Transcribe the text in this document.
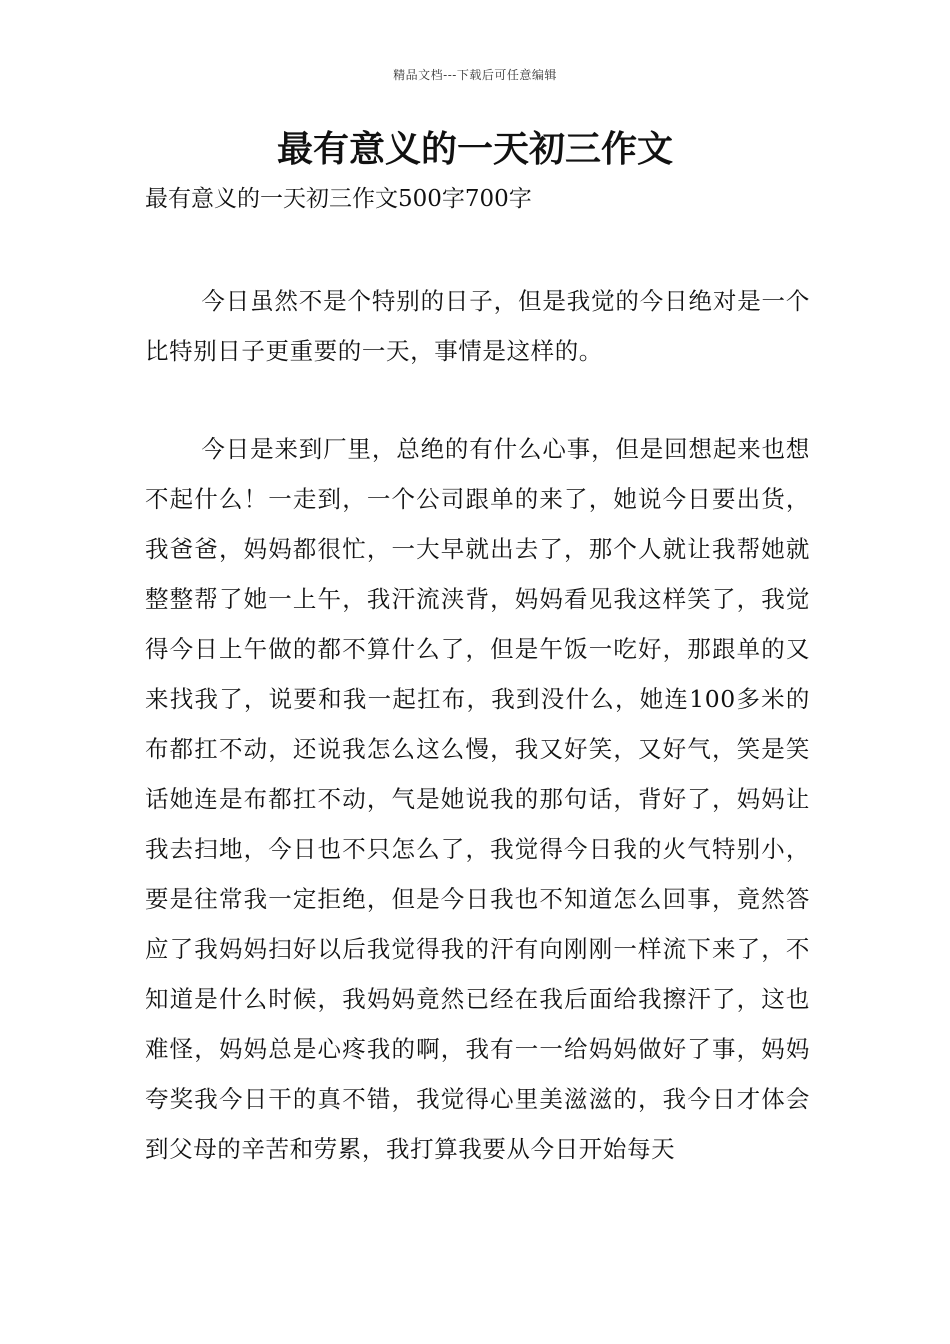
精品文档---下载后可任意编辑
最有意义的一天初三作文

最有意义的一天初三作文500字700字

今日虽然不是个特别的日子，但是我觉的今日绝对是一个比特别日子更重要的一天，事情是这样的。

今日是来到厂里，总绝的有什么心事，但是回想起来也想不起什么！一走到，一个公司跟单的来了，她说今日要出货，我爸爸，妈妈都很忙，一大早就出去了，那个人就让我帮她就整整帮了她一上午，我汗流浃背，妈妈看见我这样笑了，我觉得今日上午做的都不算什么了，但是午饭一吃好，那跟单的又来找我了，说要和我一起扛布，我到没什么，她连100多米的布都扛不动，还说我怎么这么慢，我又好笑，又好气，笑是笑话她连是布都扛不动，气是她说我的那句话，背好了，妈妈让我去扫地，今日也不只怎么了，我觉得今日我的火气特别小，要是往常我一定拒绝，但是今日我也不知道怎么回事，竟然答应了我妈妈扫好以后我觉得我的汗有向刚刚一样流下来了，不知道是什么时候，我妈妈竟然已经在我后面给我擦汗了，这也难怪，妈妈总是心疼我的啊，我有一一给妈妈做好了事，妈妈夸奖我今日干的真不错，我觉得心里美滋滋的，我今日才体会到父母的辛苦和劳累，我打算我要从今日开始每天
